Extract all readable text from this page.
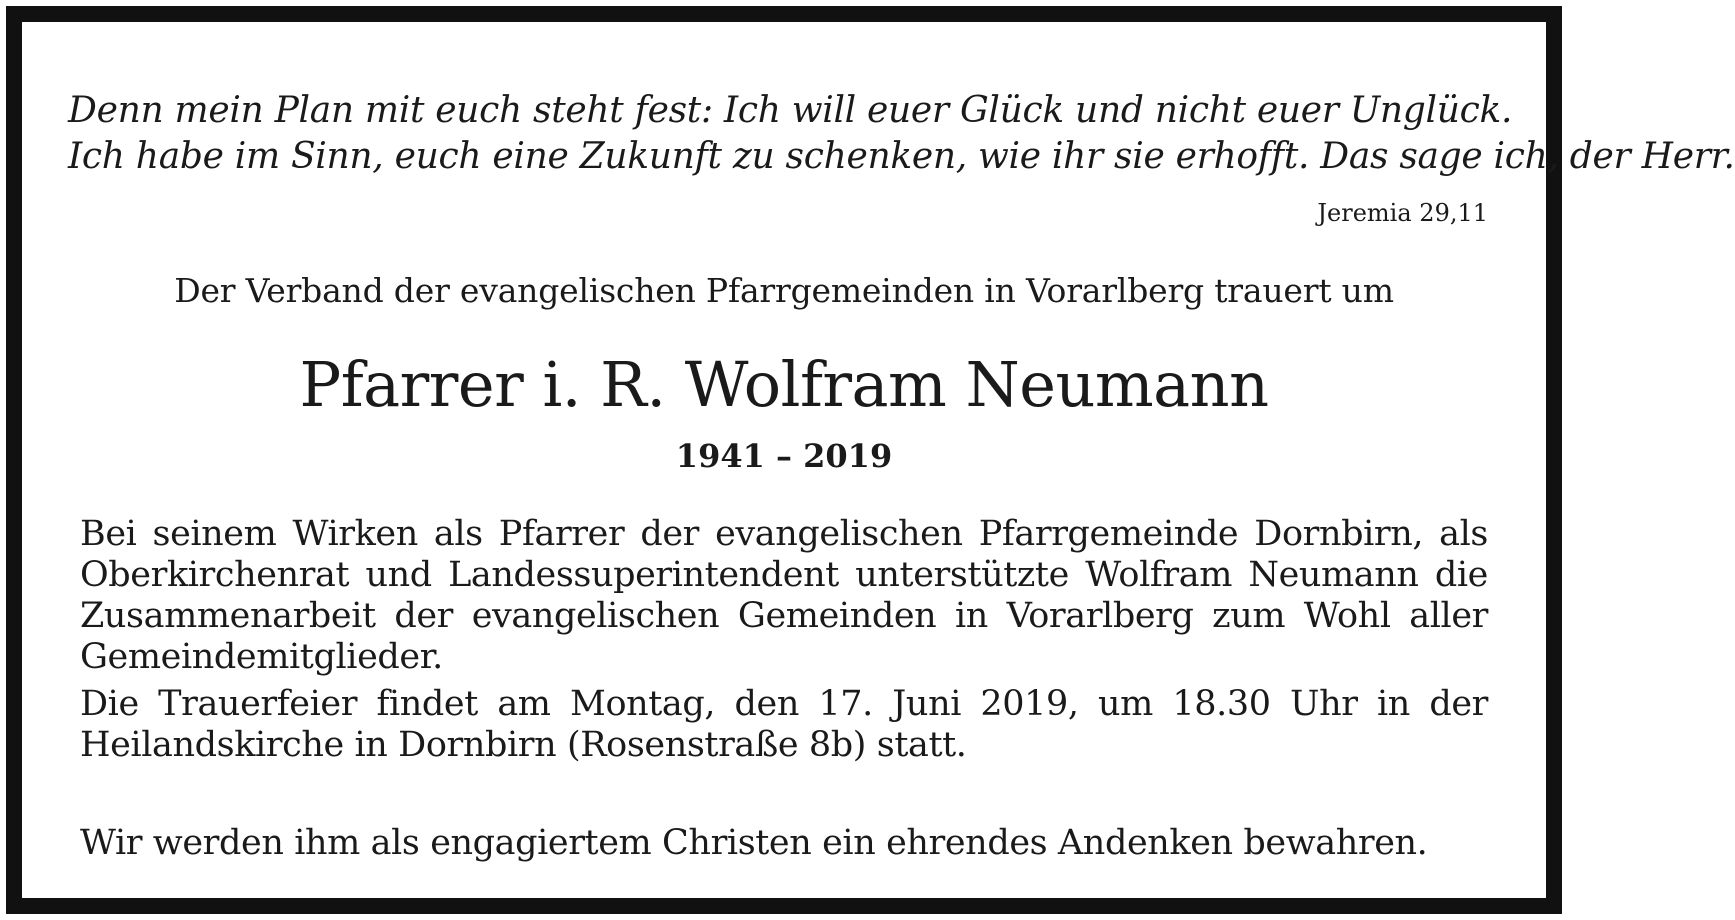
Denn mein Plan mit euch steht fest: Ich will euer Glück und nicht euer Unglück.
Ich habe im Sinn, euch eine Zukunft zu schenken, wie ihr sie erhofft. Das sage ich, der Herr.
Jeremia 29,11
Der Verband der evangelischen Pfarrgemeinden in Vorarlberg trauert um
Pfarrer i. R. Wolfram Neumann
1941 – 2019
Bei seinem Wirken als Pfarrer der evangelischen Pfarrgemeinde Dornbirn, als Oberkirchenrat und Landessuperintendent unterstützte Wolfram Neumann die Zusammenarbeit der evangelischen Gemeinden in Vorarlberg zum Wohl aller Gemeindemitglieder.
Die Trauerfeier findet am Montag, den 17. Juni 2019, um 18.30 Uhr in der Heilandskirche in Dornbirn (Rosenstraße 8b) statt.
Wir werden ihm als engagiertem Christen ein ehrendes Andenken bewahren.
